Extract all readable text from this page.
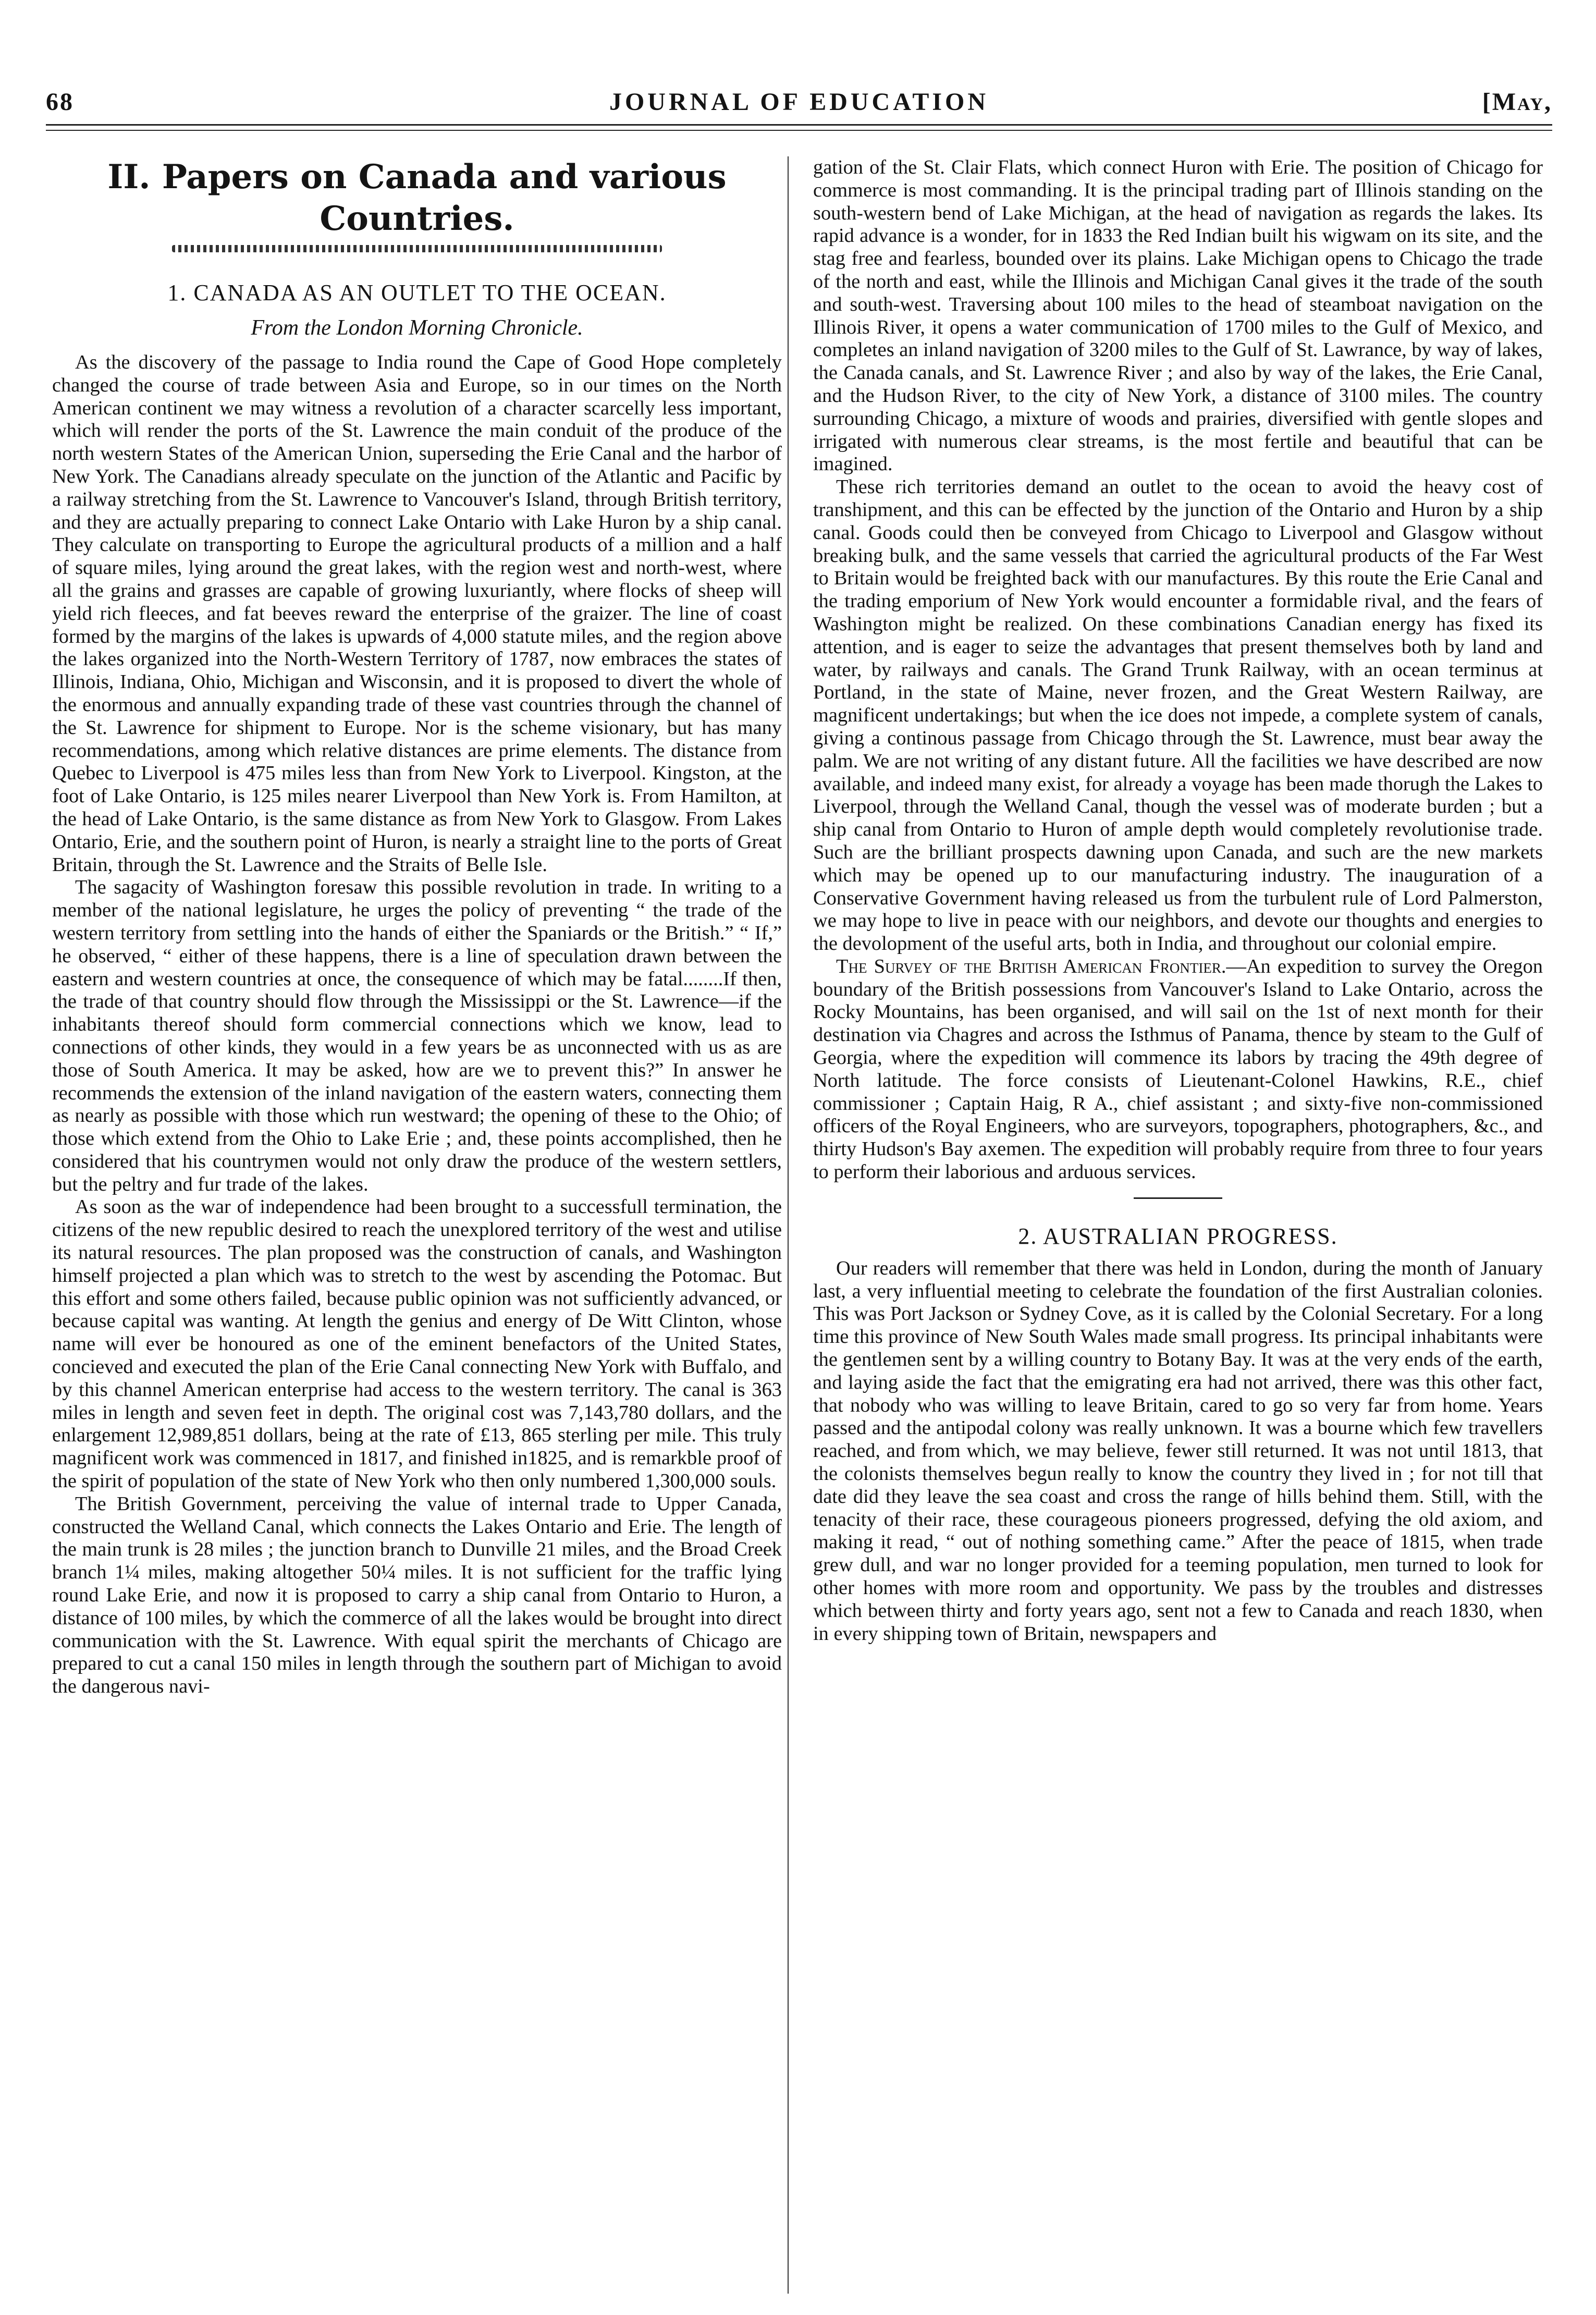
JOURNAL OF EDUCATION
68	[May,
II. Papers on Canada and various Countries.
1. CANADA AS AN OUTLET TO THE OCEAN.
From the London Morning Chronicle.

As the discovery of the passage to India round the Cape of Good Hope completely changed the course of trade between Asia and Europe, so in our times on the North American continent we may witness a revolution of a character scarcelly less important, which will render the ports of the St. Lawrence the main conduit of the produce of the north western States of the American Union, superseding the Erie Canal and the harbor of New York. The Canadians already speculate on the junction of the Atlantic and Pacific by a railway stretching from the St. Lawrence to Vancouver's Island, through British territory, and they are actually preparing to connect Lake Ontario with Lake Huron by a ship canal. They calculate on transporting to Europe the agricultural products of a million and a half of square miles, lying around the great lakes, with the region west and north-west, where all the grains and grasses are capable of growing luxuriantly, where flocks of sheep will yield rich fleeces, and fat beeves reward the enterprise of the graizer. The line of coast formed by the margins of the lakes is upwards of 4,000 statute miles, and the region above the lakes organized into the North-Western Territory of 1787, now embraces the states of Illinois, Indiana, Ohio, Michigan and Wisconsin, and it is proposed to divert the whole of the enormous and annually expanding trade of these vast countries through the channel of the St. Lawrence for shipment to Europe. Nor is the scheme visionary, but has many recommendations, among which relative distances are prime elements. The distance from Quebec to Liverpool is 475 miles less than from New York to Liverpool. Kingston, at the foot of Lake Ontario, is 125 miles nearer Liverpool than New York is. From Hamilton, at the head of Lake Ontario, is the same distance as from New York to Glasgow. From Lakes Ontario, Erie, and the southern point of Huron, is nearly a straight line to the ports of Great Britain, through the St. Lawrence and the Straits of Belle Isle.

The sagacity of Washington foresaw this possible revolution in trade. In writing to a member of the national legislature, he urges the policy of preventing “ the trade of the western territory from settling into the hands of either the Spaniards or the British.” “ If,” he observed, “ either of these happens, there is a line of speculation drawn between the eastern and western countries at once, the consequence of which may be fatal........If then, the trade of that country should flow through the Mississippi or the St. Lawrence—if the inhabitants thereof should form commercial connections which we know, lead to connections of other kinds, they would in a few years be as unconnected with us as are those of South America. It may be asked, how are we to prevent this?” In answer he recommends the extension of the inland navigation of the eastern waters, connecting them as nearly as possible with those which run westward; the opening of these to the Ohio; of those which extend from the Ohio to Lake Erie ; and, these points accomplished, then he considered that his countrymen would not only draw the produce of the western settlers, but the peltry and fur trade of the lakes.

As soon as the war of independence had been brought to a successfull termination, the citizens of the new republic desired to reach the unexplored territory of the west and utilise its natural resources. The plan proposed was the construction of canals, and Washington himself projected a plan which was to stretch to the west by ascending the Potomac. But this effort and some others failed, because public opinion was not sufficiently advanced, or because capital was wanting. At length the genius and energy of De Witt Clinton, whose name will ever be honoured as one of the eminent benefactors of the United States, concieved and executed the plan of the Erie Canal connecting New York with Buffalo, and by this channel American enterprise had access to the western territory. The canal is 363 miles in length and seven feet in depth. The original cost was 7,143,780 dollars, and the enlargement 12,989,851 dollars, being at the rate of £13, 865 sterling per mile. This truly magnificent work was commenced in 1817, and finished in1825, and is remarkble proof of the spirit of population of the state of New York who then only numbered 1,300,000 souls.

The British Government, perceiving the value of internal trade to Upper Canada, constructed the Welland Canal, which connects the Lakes Ontario and Erie. The length of the main trunk is 28 miles ; the junction branch to Dunville 21 miles, and the Broad Creek branch 1¼ miles, making altogether 50¼ miles. It is not sufficient for the traffic lying round Lake Erie, and now it is proposed to carry a ship canal from Ontario to Huron, a distance of 100 miles, by which the commerce of all the lakes would be brought into direct communication with the St. Lawrence. With equal spirit the merchants of Chicago are prepared to cut a canal 150 miles in length through the southern part of Michigan to avoid the dangerous navi-

gation of the St. Clair Flats, which connect Huron with Erie. The position of Chicago for commerce is most commanding. It is the principal trading part of Illinois standing on the south-western bend of Lake Michigan, at the head of navigation as regards the lakes. Its rapid advance is a wonder, for in 1833 the Red Indian built his wigwam on its site, and the stag free and fearless, bounded over its plains. Lake Michigan opens to Chicago the trade of the north and east, while the Illinois and Michigan Canal gives it the trade of the south and south-west. Traversing about 100 miles to the head of steamboat navigation on the Illinois River, it opens a water communication of 1700 miles to the Gulf of Mexico, and completes an inland navigation of 3200 miles to the Gulf of St. Lawrance, by way of lakes, the Canada canals, and St. Lawrence River ; and also by way of the lakes, the Erie Canal, and the Hudson River, to the city of New York, a distance of 3100 miles. The country surrounding Chicago, a mixture of woods and prairies, diversified with gentle slopes and irrigated with numerous clear streams, is the most fertile and beautiful that can be imagined.

These rich territories demand an outlet to the ocean to avoid the heavy cost of transhipment, and this can be effected by the junction of the Ontario and Huron by a ship canal. Goods could then be conveyed from Chicago to Liverpool and Glasgow without breaking bulk, and the same vessels that carried the agricultural products of the Far West to Britain would be freighted back with our manufactures. By this route the Erie Canal and the trading emporium of New York would encounter a formidable rival, and the fears of Washington might be realized. On these combinations Canadian energy has fixed its attention, and is eager to seize the advantages that present themselves both by land and water, by railways and canals. The Grand Trunk Railway, with an ocean terminus at Portland, in the state of Maine, never frozen, and the Great Western Railway, are magnificent undertakings; but when the ice does not impede, a complete system of canals, giving a continous passage from Chicago through the St. Lawrence, must bear away the palm. We are not writing of any distant future. All the facilities we have described are now available, and indeed many exist, for already a voyage has been made thorugh the Lakes to Liverpool, through the Welland Canal, though the vessel was of moderate burden ; but a ship canal from Ontario to Huron of ample depth would completely revolutionise trade. Such are the brilliant prospects dawning upon Canada, and such are the new markets which may be opened up to our manufacturing industry. The inauguration of a Conservative Government having released us from the turbulent rule of Lord Palmerston, we may hope to live in peace with our neighbors, and devote our thoughts and energies to the devolopment of the useful arts, both in India, and throughout our colonial empire.

The Survey of the British American Frontier.—An expedition to survey the Oregon boundary of the British possessions from Vancouver's Island to Lake Ontario, across the Rocky Mountains, has been organised, and will sail on the 1st of next month for their destination via Chagres and across the Isthmus of Panama, thence by steam to the Gulf of Georgia, where the expedition will commence its labors by tracing the 49th degree of North latitude. The force consists of Lieutenant-Colonel Hawkins, R.E., chief commissioner ; Captain Haig, R A., chief assistant ; and sixty-five non-commissioned officers of the Royal Engineers, who are surveyors, topographers, photographers, &c., and thirty Hudson's Bay axemen. The expedition will probably require from three to four years to perform their laborious and arduous services.

2. AUSTRALIAN PROGRESS.

Our readers will remember that there was held in London, during the month of January last, a very influential meeting to celebrate the foundation of the first Australian colonies. This was Port Jackson or Sydney Cove, as it is called by the Colonial Secretary. For a long time this province of New South Wales made small progress. Its principal inhabitants were the gentlemen sent by a willing country to Botany Bay. It was at the very ends of the earth, and laying aside the fact that the emigrating era had not arrived, there was this other fact, that nobody who was willing to leave Britain, cared to go so very far from home. Years passed and the antipodal colony was really unknown. It was a bourne which few travellers reached, and from which, we may believe, fewer still returned. It was not until 1813, that the colonists themselves begun really to know the country they lived in ; for not till that date did they leave the sea coast and cross the range of hills behind them. Still, with the tenacity of their race, these courageous pioneers progressed, defying the old axiom, and making it read, “ out of nothing something came.” After the peace of 1815, when trade grew dull, and war no longer provided for a teeming population, men turned to look for other homes with more room and opportunity. We pass by the troubles and distresses which between thirty and forty years ago, sent not a few to Canada and reach 1830, when in every shipping town of Britain, newspapers and
